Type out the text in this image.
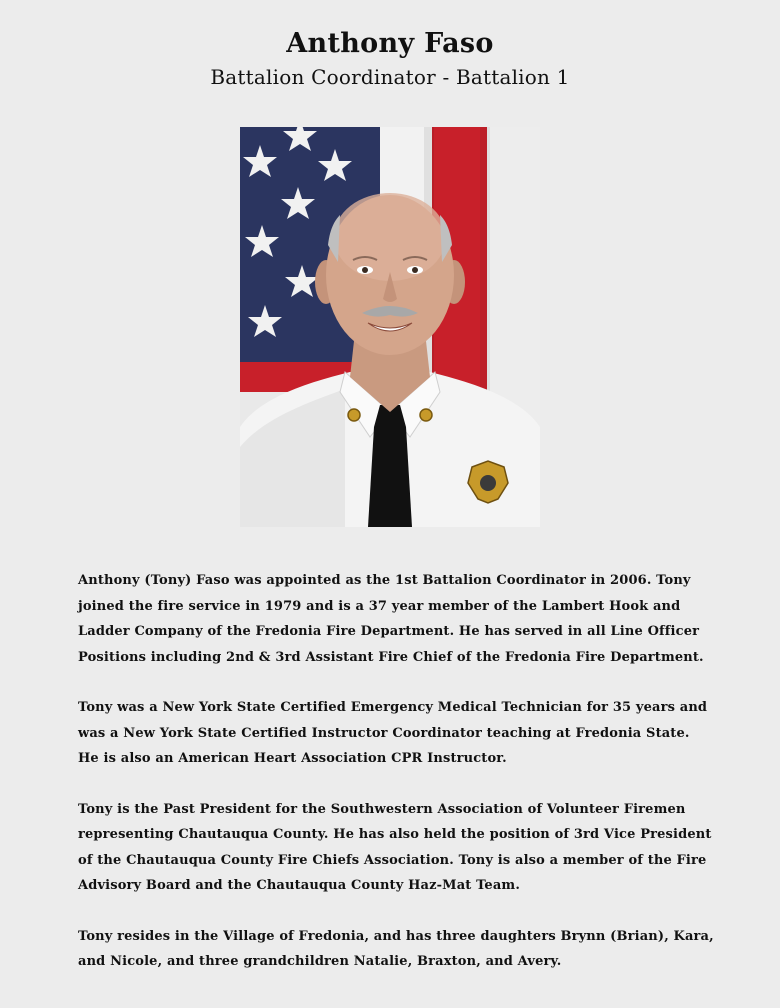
Anthony Faso
Battalion Coordinator - Battalion 1

Anthony (Tony) Faso was appointed as the 1st Battalion Coordinator in 2006. Tony
joined the fire service in 1979 and is a 37 year member of the Lambert Hook and
Ladder Company of the Fredonia Fire Department. He has served in all Line Officer
Positions including 2nd & 3rd Assistant Fire Chief of the Fredonia Fire Department.

Tony was a New York State Certified Emergency Medical Technician for 35 years and
was a New York State Certified Instructor Coordinator teaching at Fredonia State.
He is also an American Heart Association CPR Instructor.

Tony is the Past President for the Southwestern Association of Volunteer Firemen
representing Chautauqua County. He has also held the position of 3rd Vice President
of the Chautauqua County Fire Chiefs Association. Tony is also a member of the Fire
Advisory Board and the Chautauqua County Haz-Mat Team.

Tony resides in the Village of Fredonia, and has three daughters Brynn (Brian), Kara,
and Nicole, and three grandchildren Natalie, Braxton, and Avery.
